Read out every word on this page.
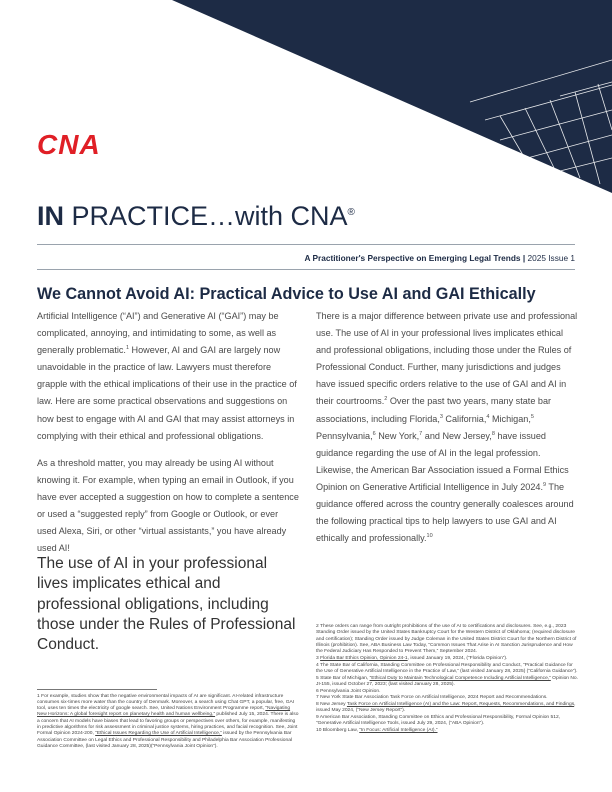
CNA
IN PRACTICE…with CNA®
A Practitioner's Perspective on Emerging Legal Trends | 2025 Issue 1
We Cannot Avoid AI: Practical Advice to Use AI and GAI Ethically

Artificial Intelligence (“AI”) and Generative AI (“GAI”) may be complicated, annoying, and intimidating to some, as well as generally problematic.$^1$ However, AI and GAI are largely now unavoidable in the practice of law. Lawyers must therefore grapple with the ethical implications of their use in the practice of law. Here are some practical observations and suggestions on how best to engage with AI and GAI that may assist attorneys in complying with their ethical and professional obligations.

As a threshold matter, you may already be using AI without knowing it. For example, when typing an email in Outlook, if you have ever accepted a suggestion on how to complete a sentence or used a “suggested reply” from Google or Outlook, or ever used Alexa, Siri, or other “virtual assistants,” you have already used AI!

There is a major difference between private use and professional use. The use of AI in your professional lives implicates ethical and professional obligations, including those under the Rules of Professional Conduct. Further, many jurisdictions and judges have issued specific orders relative to the use of GAI and AI in their courtrooms.$^2$ Over the past two years, many state bar associations, including Florida,$^3$ California,$^4$ Michigan,$^5$ Pennsylvania,$^6$ New York,$^7$ and New Jersey,$^8$ have issued guidance regarding the use of AI in the legal profession. Likewise, the American Bar Association issued a Formal Ethics Opinion on Generative Artificial Intelligence in July 2024.$^9$ The guidance offered across the country generally coalesces around the following practical tips to help lawyers to use GAI and AI ethically and professionally.$^{10}$

The use of AI in your professional lives implicates ethical and professional obligations, including those under the Rules of Professional Conduct.
1 For example, studies show that the negative environmental impacts of AI are significant. AI-related infrastructure consumes six-times more water than the country of Denmark. Moreover, a search using Chat GPT, a popular, free, GAI tool, uses ten times the electricity of google search. See, United Nations Environment Programme report, “Navigating New Horizons: A global foresight report on planetary health and human wellbeing,” published July 15, 2024. There is also a concern that AI models have biases that lead to favoring groups or perspectives over others, for example, manifesting in predictive algorithms for risk assessment in criminal justice systems, hiring practices, and facial recognition. See, Joint Formal Opinion 2024-200, “Ethical Issues Regarding the Use of Artificial Intelligence,” issued by the Pennsylvania Bar Association Committee on Legal Ethics and Professional Responsibility and Philadelphia Bar Association Professional Guidance Committee, (last visited January 28, 2025)(“Pennsylvania Joint Opinion”).
2 These orders can range from outright prohibitions of the use of AI to certifications and disclosures. See, e.g., 2023 Standing Order issued by the United States Bankruptcy Court for the Western District of Oklahoma; (required disclosure and certification); Standing Order issued by Judge Coleman in the United States District Court for the Northern District of Illinois (prohibition). See, ABA Business Law Today, “Common Issues That Arise in AI Sanction Jurisprudence and How the Federal Judiciary Has Responded to Prevent Them,” September 2024.
3 Florida Bar Ethics Opinion, Opinion 24-1, issued January 19, 2024, (“Florida Opinion”).
4 The State Bar of California, Standing Committee on Professional Responsibility and Conduct, “Practical Guidance for the Use of Generative Artificial Intelligence in the Practice of Law,” (last visited January 28, 2025) (“California Guidance”).
5 State Bar of Michigan, “Ethical Duty to Maintain Technological Competence Including Artificial Intelligence,” Opinion No. JI-155, issued October 27, 2023; (last visited January 28, 2025).
6 Pennsylvania Joint Opinion.
7 New York State Bar Association Task Force on Artificial Intelligence, 2024 Report and Recommendations.
8 New Jersey Task Force on Artificial Intelligence (AI) and the Law: Report, Requests, Recommendations, and Findings, issued May 2024, (“New Jersey Report”).
9 American Bar Association, Standing Committee on Ethics and Professional Responsibility, Formal Opinion 512, “Generative Artificial Intelligence Tools, issued July 29, 2024, (“ABA Opinion”).
10 Bloomberg Law, “In Focus: Artificial Intelligence (AI).”
